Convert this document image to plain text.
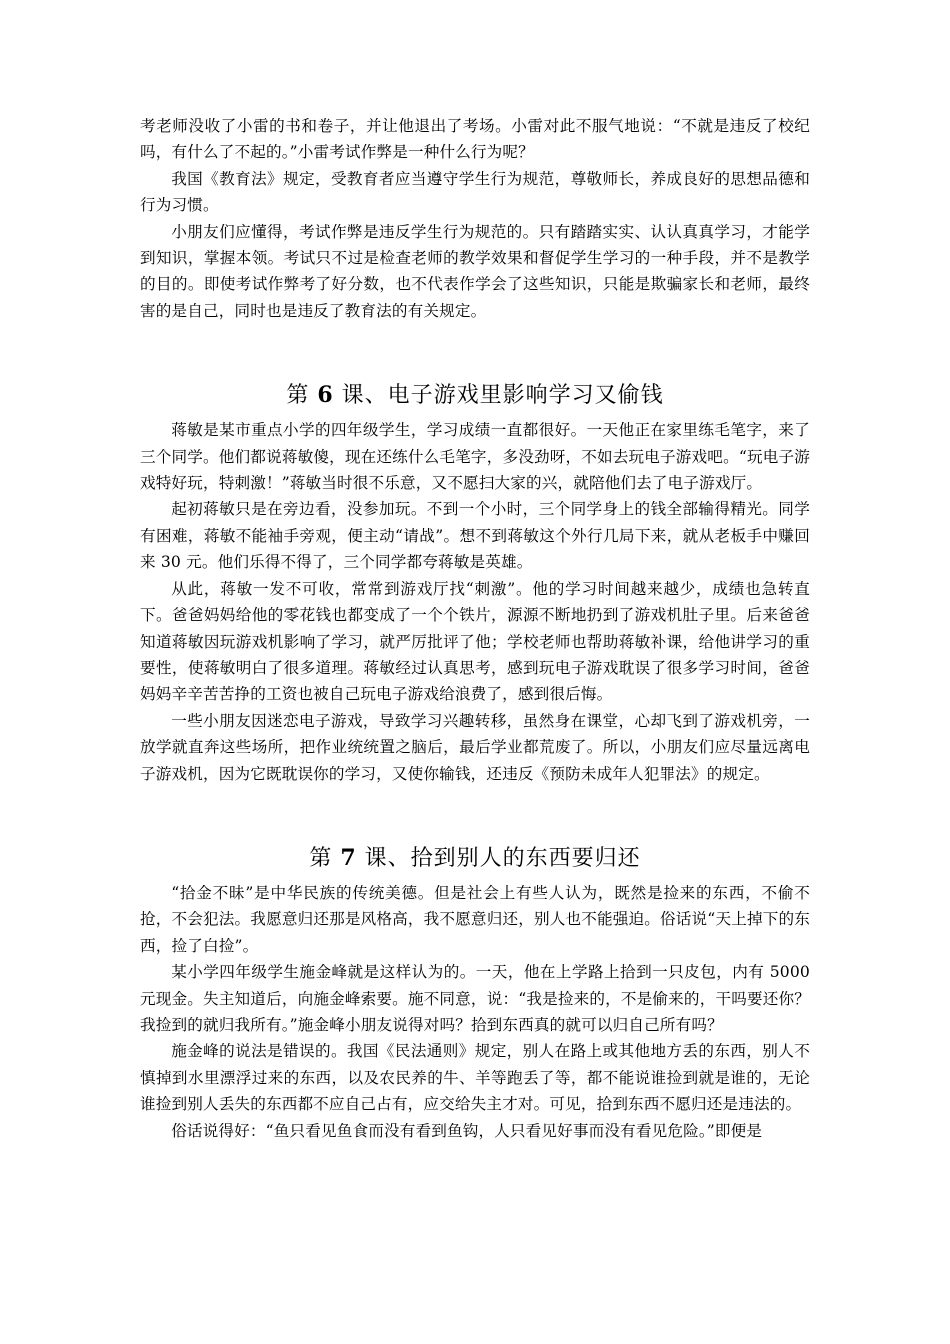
考老师没收了小雷的书和卷子，并让他退出了考场。小雷对此不服气地说：“不就是违反了校纪吗，有什么了不起的。”小雷考试作弊是一种什么行为呢？

我国《教育法》规定，受教育者应当遵守学生行为规范，尊敬师长，养成良好的思想品德和行为习惯。

小朋友们应懂得，考试作弊是违反学生行为规范的。只有踏踏实实、认认真真学习，才能学到知识，掌握本领。考试只不过是检查老师的教学效果和督促学生学习的一种手段，并不是教学的目的。即使考试作弊考了好分数，也不代表作学会了这些知识，只能是欺骗家长和老师，最终害的是自己，同时也是违反了教育法的有关规定。

第 6 课、电子游戏里影响学习又偷钱

蒋敏是某市重点小学的四年级学生，学习成绩一直都很好。一天他正在家里练毛笔字，来了三个同学。他们都说蒋敏傻，现在还练什么毛笔字，多没劲呀，不如去玩电子游戏吧。“玩电子游戏特好玩，特刺激！”蒋敏当时很不乐意，又不愿扫大家的兴，就陪他们去了电子游戏厅。

起初蒋敏只是在旁边看，没参加玩。不到一个小时，三个同学身上的钱全部输得精光。同学有困难，蒋敏不能袖手旁观，便主动“请战”。想不到蒋敏这个外行几局下来，就从老板手中赚回来 30 元。他们乐得不得了，三个同学都夸蒋敏是英雄。

从此，蒋敏一发不可收，常常到游戏厅找“刺激”。他的学习时间越来越少，成绩也急转直下。爸爸妈妈给他的零花钱也都变成了一个个铁片，源源不断地扔到了游戏机肚子里。后来爸爸知道蒋敏因玩游戏机影响了学习，就严厉批评了他；学校老师也帮助蒋敏补课，给他讲学习的重要性，使蒋敏明白了很多道理。蒋敏经过认真思考，感到玩电子游戏耽误了很多学习时间，爸爸妈妈辛辛苦苦挣的工资也被自己玩电子游戏给浪费了，感到很后悔。

一些小朋友因迷恋电子游戏，导致学习兴趣转移，虽然身在课堂，心却飞到了游戏机旁，一放学就直奔这些场所，把作业统统置之脑后，最后学业都荒废了。所以，小朋友们应尽量远离电子游戏机，因为它既耽误你的学习，又使你输钱，还违反《预防未成年人犯罪法》的规定。

第 7 课、拾到别人的东西要归还

“拾金不昧”是中华民族的传统美德。但是社会上有些人认为，既然是捡来的东西，不偷不抢，不会犯法。我愿意归还那是风格高，我不愿意归还，别人也不能强迫。俗话说“天上掉下的东西，捡了白捡”。

某小学四年级学生施金峰就是这样认为的。一天，他在上学路上拾到一只皮包，内有 5000 元现金。失主知道后，向施金峰索要。施不同意，说：“我是捡来的，不是偷来的，干吗要还你？我捡到的就归我所有。”施金峰小朋友说得对吗？拾到东西真的就可以归自己所有吗？

施金峰的说法是错误的。我国《民法通则》规定，别人在路上或其他地方丢的东西，别人不慎掉到水里漂浮过来的东西，以及农民养的牛、羊等跑丢了等，都不能说谁捡到就是谁的，无论谁捡到别人丢失的东西都不应自己占有，应交给失主才对。可见，拾到东西不愿归还是违法的。

俗话说得好：“鱼只看见鱼食而没有看到鱼钩，人只看见好事而没有看见危险。”即便是
